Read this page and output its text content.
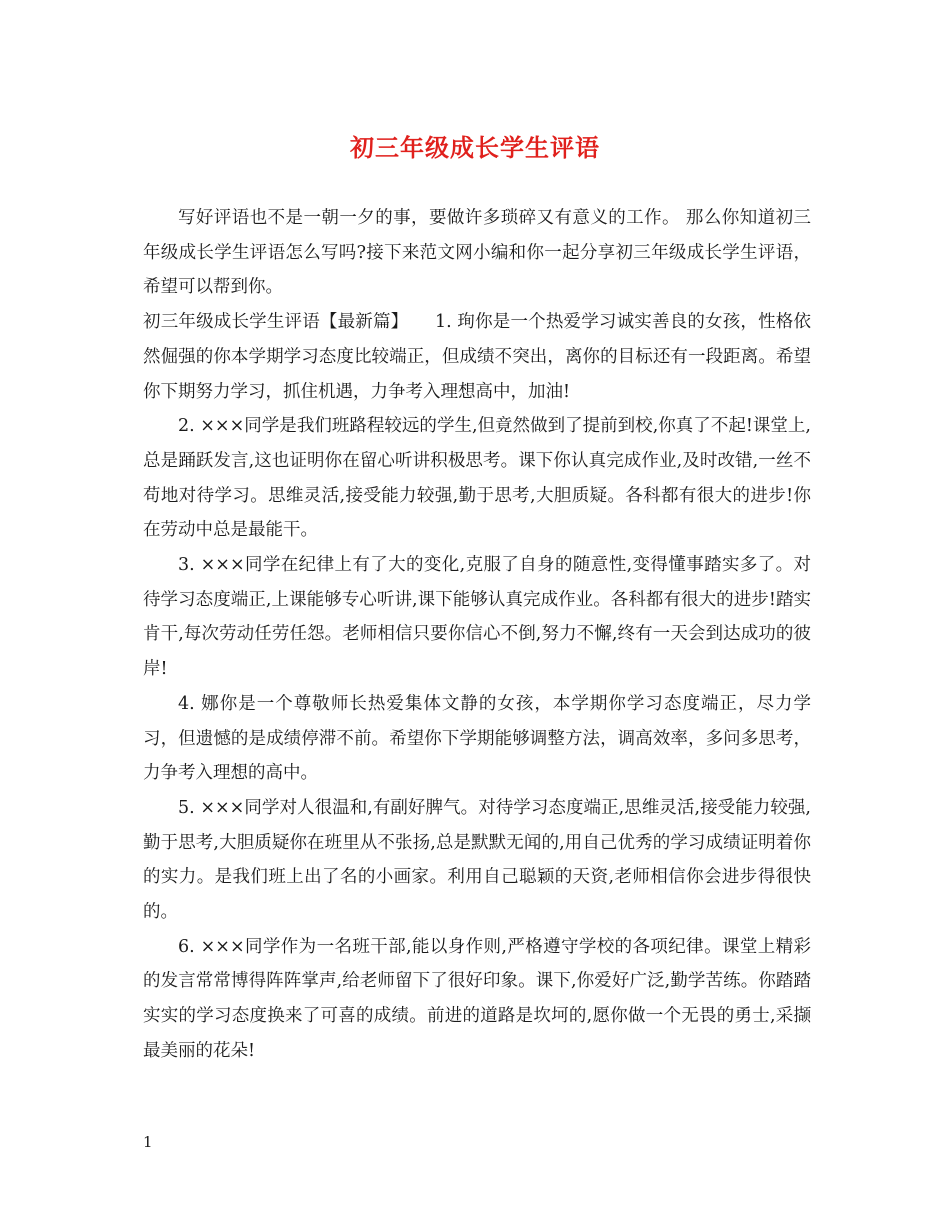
初三年级成长学生评语

写好评语也不是一朝一夕的事，要做许多琐碎又有意义的工作。 那么你知道初三年级成长学生评语怎么写吗?接下来范文网小编和你一起分享初三年级成长学生评语，希望可以帮到你。

初三年级成长学生评语【最新篇】　　1. 珣你是一个热爱学习诚实善良的女孩，性格依然倔强的你本学期学习态度比较端正，但成绩不突出，离你的目标还有一段距离。希望你下期努力学习，抓住机遇，力争考入理想高中，加油!

2. ×××同学是我们班路程较远的学生,但竟然做到了提前到校,你真了不起!课堂上,总是踊跃发言,这也证明你在留心听讲积极思考。课下你认真完成作业,及时改错,一丝不苟地对待学习。思维灵活,接受能力较强,勤于思考,大胆质疑。各科都有很大的进步!你在劳动中总是最能干。

3. ×××同学在纪律上有了大的变化,克服了自身的随意性,变得懂事踏实多了。对待学习态度端正,上课能够专心听讲,课下能够认真完成作业。各科都有很大的进步!踏实肯干,每次劳动任劳任怨。老师相信只要你信心不倒,努力不懈,终有一天会到达成功的彼岸!

4. 娜你是一个尊敬师长热爱集体文静的女孩，本学期你学习态度端正，尽力学习，但遗憾的是成绩停滞不前。希望你下学期能够调整方法，调高效率，多问多思考，力争考入理想的高中。

5. ×××同学对人很温和,有副好脾气。对待学习态度端正,思维灵活,接受能力较强,勤于思考,大胆质疑你在班里从不张扬,总是默默无闻的,用自己优秀的学习成绩证明着你的实力。是我们班上出了名的小画家。利用自己聪颖的天资,老师相信你会进步得很快的。

6. ×××同学作为一名班干部,能以身作则,严格遵守学校的各项纪律。课堂上精彩的发言常常博得阵阵掌声,给老师留下了很好印象。课下,你爱好广泛,勤学苦练。你踏踏实实的学习态度换来了可喜的成绩。前进的道路是坎坷的,愿你做一个无畏的勇士,采撷最美丽的花朵!

1
